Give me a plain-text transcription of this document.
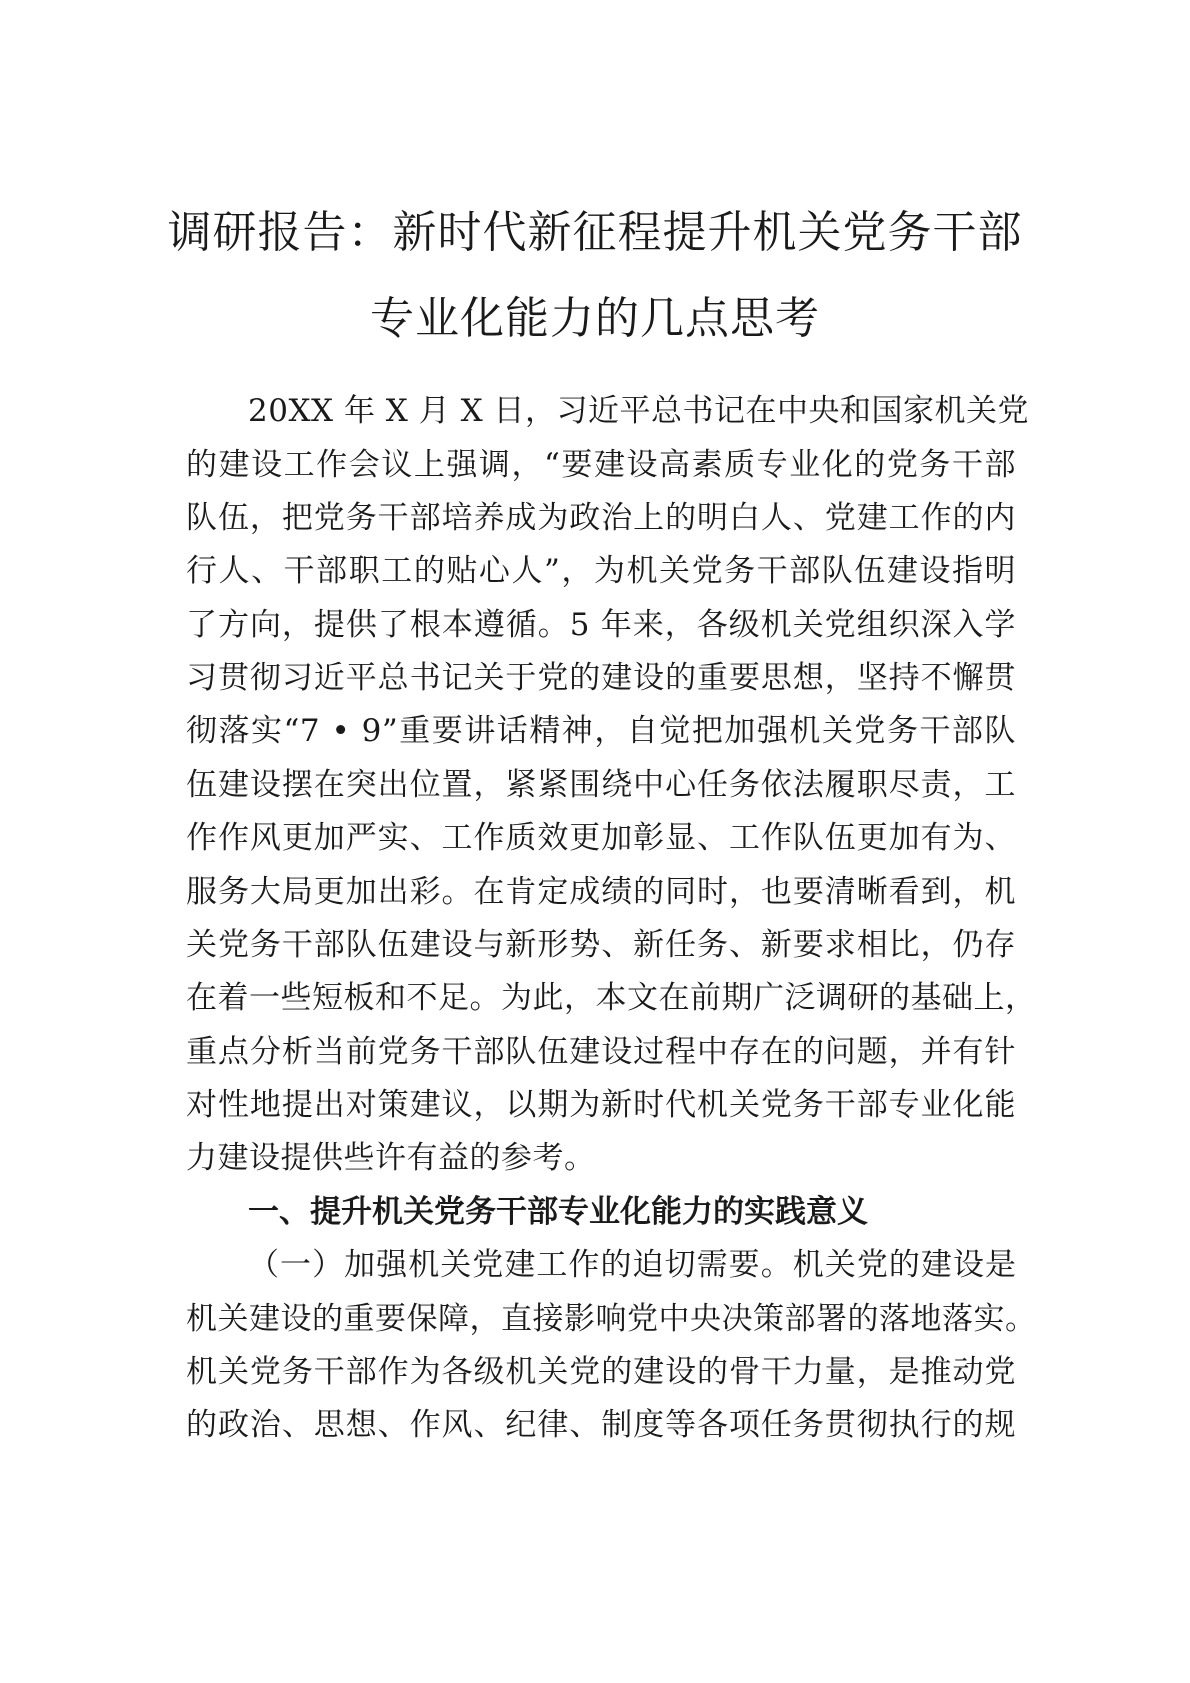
调研报告：新时代新征程提升机关党务干部
专业化能力的几点思考
20XX 年 X 月 X 日，习近平总书记在中央和国家机关党
的建设工作会议上强调，“要建设高素质专业化的党务干部
队伍，把党务干部培养成为政治上的明白人、党建工作的内
行人、干部职工的贴心人”，为机关党务干部队伍建设指明
了方向，提供了根本遵循。5 年来，各级机关党组织深入学
习贯彻习近平总书记关于党的建设的重要思想，坚持不懈贯
彻落实“7 • 9”重要讲话精神，自觉把加强机关党务干部队
伍建设摆在突出位置，紧紧围绕中心任务依法履职尽责，工
作作风更加严实、工作质效更加彰显、工作队伍更加有为、
服务大局更加出彩。在肯定成绩的同时，也要清晰看到，机
关党务干部队伍建设与新形势、新任务、新要求相比，仍存
在着一些短板和不足。为此，本文在前期广泛调研的基础上，
重点分析当前党务干部队伍建设过程中存在的问题，并有针
对性地提出对策建议，以期为新时代机关党务干部专业化能
力建设提供些许有益的参考。
一、提升机关党务干部专业化能力的实践意义
（一）加强机关党建工作的迫切需要。机关党的建设是
机关建设的重要保障，直接影响党中央决策部署的落地落实。
机关党务干部作为各级机关党的建设的骨干力量，是推动党
的政治、思想、作风、纪律、制度等各项任务贯彻执行的规
